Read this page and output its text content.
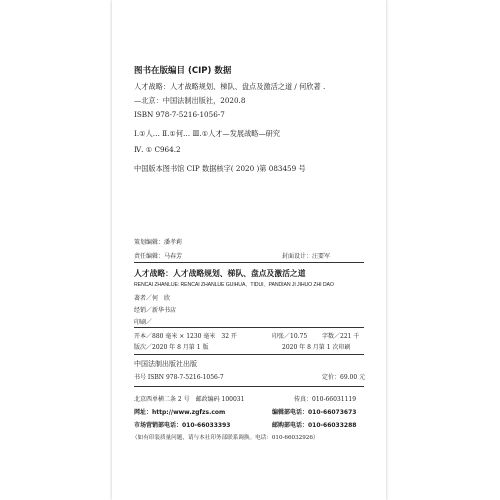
图书在版编目 (CIP) 数据
人才战略：人才战略规划、梯队、盘点及激活之道 / 何欣著 .
—北京：中国法制出版社，2020.8
ISBN 978-7-5216-1056-7
Ⅰ.①人… Ⅱ.①何… Ⅲ.①人才—发展战略—研究
Ⅳ. ① C964.2
中国版本图书馆 CIP 数据核字( 2020 )第 083459 号
策划编辑：潘孝莉
责任编辑：马春芳	封面设计：汪要军
人才战略：人才战略规划、梯队、盘点及激活之道
RENCAI ZHANLUE: RENCAI ZHANLUE GUIHUA、TIDUI、PANDIAN JI JIHUO ZHI DAO
著者／何　欣
经销／新华书店
印刷／
开本／880 毫米 × 1230 毫米　32 开	印张／10.75 字数／221 千
版次／2020 年 8 月第 1 版	2020 年 8 月第 1 次印刷
中国法制出版社出版
书号 ISBN 978-7-5216-1056-7	定价：69.00 元
北京西单横二条 2 号　邮政编码 100031	传真：010-66031119
网址：http://www.zgfzs.com	编辑部电话：010-66073673
市场营销部电话：010-66033393	邮购部电话：010-66033288
（如有印装质量问题，请与本社印务部联系调换。电话：010-66032926）
